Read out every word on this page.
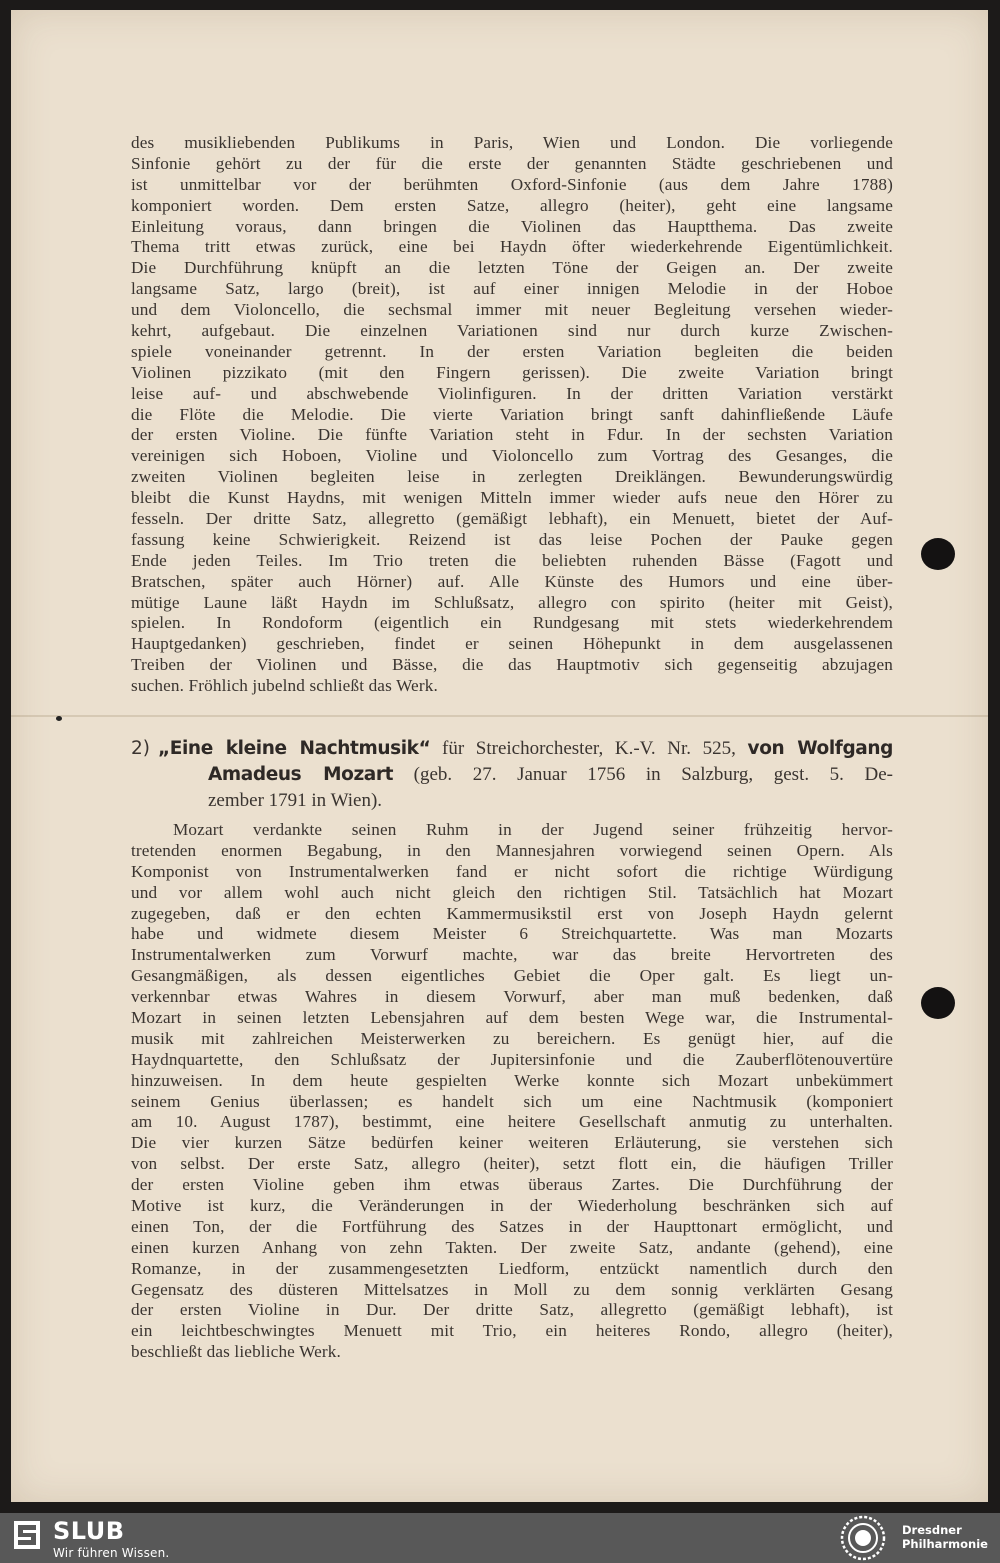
des musikliebenden Publikums in Paris, Wien und London. Die vorliegende
Sinfonie gehört zu der für die erste der genannten Städte geschriebenen und
ist unmittelbar vor der berühmten Oxford-Sinfonie (aus dem Jahre 1788)
komponiert worden. Dem ersten Satze, allegro (heiter), geht eine langsame
Einleitung voraus, dann bringen die Violinen das Hauptthema. Das zweite
Thema tritt etwas zurück, eine bei Haydn öfter wiederkehrende Eigentümlichkeit.
Die Durchführung knüpft an die letzten Töne der Geigen an. Der zweite
langsame Satz, largo (breit), ist auf einer innigen Melodie in der Hoboe
und dem Violoncello, die sechsmal immer mit neuer Begleitung versehen wieder-
kehrt, aufgebaut. Die einzelnen Variationen sind nur durch kurze Zwischen-
spiele voneinander getrennt. In der ersten Variation begleiten die beiden
Violinen pizzikato (mit den Fingern gerissen). Die zweite Variation bringt
leise auf- und abschwebende Violinfiguren. In der dritten Variation verstärkt
die Flöte die Melodie. Die vierte Variation bringt sanft dahinfließende Läufe
der ersten Violine. Die fünfte Variation steht in Fdur. In der sechsten Variation
vereinigen sich Hoboen, Violine und Violoncello zum Vortrag des Gesanges, die
zweiten Violinen begleiten leise in zerlegten Dreiklängen. Bewunderungswürdig
bleibt die Kunst Haydns, mit wenigen Mitteln immer wieder aufs neue den Hörer zu
fesseln. Der dritte Satz, allegretto (gemäßigt lebhaft), ein Menuett, bietet der Auf-
fassung keine Schwierigkeit. Reizend ist das leise Pochen der Pauke gegen
Ende jeden Teiles. Im Trio treten die beliebten ruhenden Bässe (Fagott und
Bratschen, später auch Hörner) auf. Alle Künste des Humors und eine über-
mütige Laune läßt Haydn im Schlußsatz, allegro con spirito (heiter mit Geist),
spielen. In Rondoform (eigentlich ein Rundgesang mit stets wiederkehrendem
Hauptgedanken) geschrieben, findet er seinen Höhepunkt in dem ausgelassenen
Treiben der Violinen und Bässe, die das Hauptmotiv sich gegenseitig abzujagen
suchen. Fröhlich jubelnd schließt das Werk.
2) „Eine kleine Nachtmusik“ für Streichorchester, K.-V. Nr. 525, von Wolfgang
Amadeus Mozart (geb. 27. Januar 1756 in Salzburg, gest. 5. De-
zember 1791 in Wien).
Mozart verdankte seinen Ruhm in der Jugend seiner frühzeitig hervor-
tretenden enormen Begabung, in den Mannesjahren vorwiegend seinen Opern. Als
Komponist von Instrumentalwerken fand er nicht sofort die richtige Würdigung
und vor allem wohl auch nicht gleich den richtigen Stil. Tatsächlich hat Mozart
zugegeben, daß er den echten Kammermusikstil erst von Joseph Haydn gelernt
habe und widmete diesem Meister 6 Streichquartette. Was man Mozarts
Instrumentalwerken zum Vorwurf machte, war das breite Hervortreten des
Gesangmäßigen, als dessen eigentliches Gebiet die Oper galt. Es liegt un-
verkennbar etwas Wahres in diesem Vorwurf, aber man muß bedenken, daß
Mozart in seinen letzten Lebensjahren auf dem besten Wege war, die Instrumental-
musik mit zahlreichen Meisterwerken zu bereichern. Es genügt hier, auf die
Haydnquartette, den Schlußsatz der Jupitersinfonie und die Zauberflötenouvertüre
hinzuweisen. In dem heute gespielten Werke konnte sich Mozart unbekümmert
seinem Genius überlassen; es handelt sich um eine Nachtmusik (komponiert
am 10. August 1787), bestimmt, eine heitere Gesellschaft anmutig zu unterhalten.
Die vier kurzen Sätze bedürfen keiner weiteren Erläuterung, sie verstehen sich
von selbst. Der erste Satz, allegro (heiter), setzt flott ein, die häufigen Triller
der ersten Violine geben ihm etwas überaus Zartes. Die Durchführung der
Motive ist kurz, die Veränderungen in der Wiederholung beschränken sich auf
einen Ton, der die Fortführung des Satzes in der Haupttonart ermöglicht, und
einen kurzen Anhang von zehn Takten. Der zweite Satz, andante (gehend), eine
Romanze, in der zusammengesetzten Liedform, entzückt namentlich durch den
Gegensatz des düsteren Mittelsatzes in Moll zu dem sonnig verklärten Gesang
der ersten Violine in Dur. Der dritte Satz, allegretto (gemäßigt lebhaft), ist
ein leichtbeschwingtes Menuett mit Trio, ein heiteres Rondo, allegro (heiter),
beschließt das liebliche Werk.
SLUB
Wir führen Wissen.
Dresdner
Philharmonie
